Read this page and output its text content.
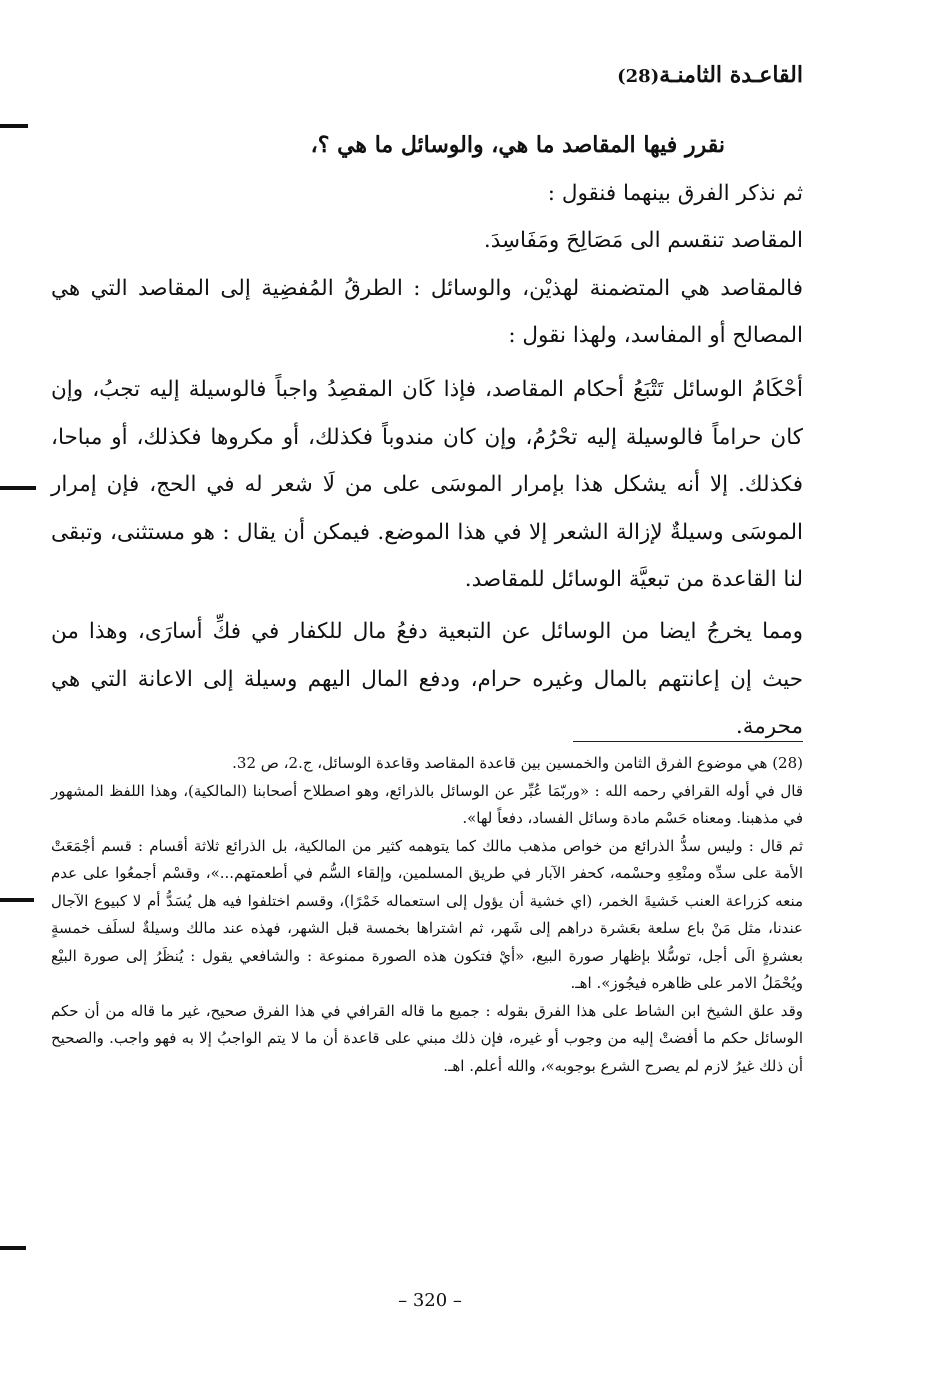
القاعـدة الثامنـة(28)

نقرر فيها المقاصد ما هي، والوسائل ما هي ؟،

ثم نذكر الفرق بينهما فنقول :

المقاصد تنقسم الى مَصَالِحَ ومَفَاسِدَ.

فالمقاصد هي المتضمنة لهذيْن، والوسائل : الطرقُ المُفضِية إلى المقاصد التي هي المصالح أو المفاسد، ولهذا نقول :

أحْكَامُ الوسائل تَتْبَعُ أحكام المقاصد، فإذا كَان المقصِدُ واجباً فالوسيلة إليه تجبُ، وإن كان حراماً فالوسيلة إليه تحْرُمُ، وإن كان مندوباً فكذلك، أو مكروها فكذلك، أو مباحا، فكذلك. إلا أنه يشكل هذا بإمرار الموسَى على من لَا شعر له في الحج، فإن إمرار الموسَى وسيلةٌ لإزالة الشعر إلا في هذا الموضع. فيمكن أن يقال : هو مستثنى، وتبقى لنا القاعدة من تبعيَّة الوسائل للمقاصد.

ومما يخرجُ ايضا من الوسائل عن التبعية دفعُ مال للكفار في فكِّ أسارَى، وهذا من حيث إن إعانتهم بالمال وغيره حرام، ودفع المال اليهم وسيلة إلى الاعانة التي هي محرمة.

(28) هي موضوع الفرق الثامن والخمسين بين قاعدة المقاصد وقاعدة الوسائل، ج.2، ص 32.

قال في أوله القرافي رحمه الله : «وربّمَا عُبِّر عن الوسائل بالذرائع، وهو اصطلاح أصحابنا (المالكية)، وهذا اللفظ المشهور في مذهبنا. ومعناه حَسْم مادة وسائل الفساد، دفعاً لها».

ثم قال : وليس سدُّ الذرائع من خواص مذهب مالك كما يتوهمه كثير من المالكية، بل الذرائع ثلاثة أقسام : قسم أجْمَعَتْ الأمة على سدِّه ومنْعِهِ وحسْمه، كحفر الآبار في طريق المسلمين، وإلقاء السُّم في أطعمتهم...»، وقسْم أجمعُوا على عدم منعه كزراعة العنب خَشيةَ الخمر، (اي خشية أن يؤول إلى استعماله خَمْرًا)، وقسم اختلفوا فيه هل يُسَدُّ أم لا كبيوع الآجال عندنا، مثل مَنْ باع سلعة بعَشرة دراهم إلى شَهر، ثم اشتراها بخمسة قبل الشهر، فهذه عند مالك وسيلةٌ لسلَف خمسةٍ بعشرةٍ الَى أجل، توسُّلا بإظهار صورة البيع، «أيْ فتكون هذه الصورة ممنوعة : والشافعي يقول : يُنظَرُ إلى صورة البيْع ويُحْمَلُ الامر على ظاهره فيجُوز». اهـ.

وقد علق الشيخ ابن الشاط على هذا الفرق بقوله : جميع ما قاله القرافي في هذا الفرق صحيح، غير ما قاله من أن حكم الوسائل حكم ما أفضتْ إليه من وجوب أو غيره، فإن ذلك مبني على قاعدة أن ما لا يتم الواجبُ إلا به فهو واجب. والصحيح أن ذلك غيرُ لازم لم يصرح الشرع بوجوبه»، والله أعلم. اهـ.

– 320 –
